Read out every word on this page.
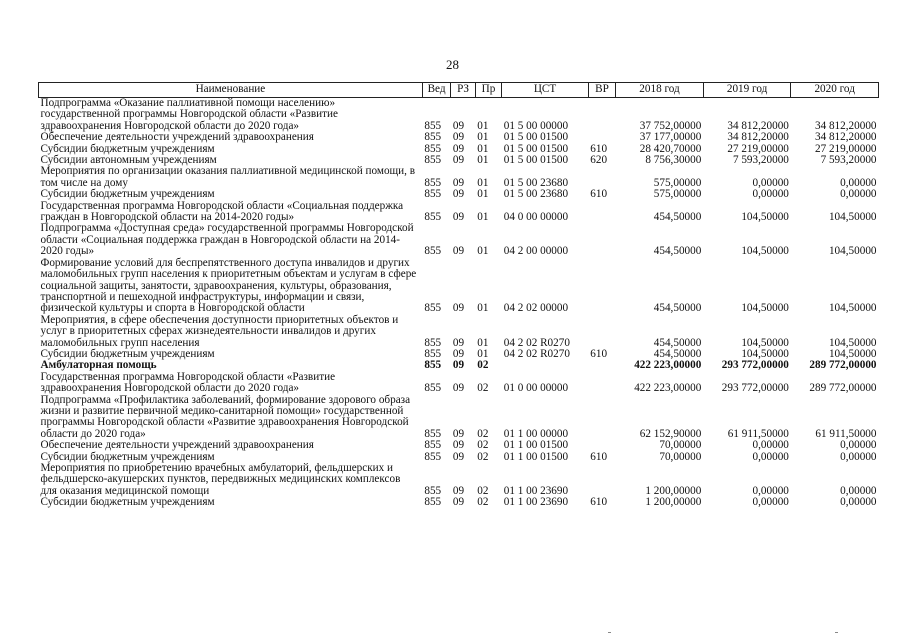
28
Наименование	Вед	РЗ	Пр	ЦСТ	ВР	2018 год	2019 год	2020 год
Подпрограмма «Оказание паллиативной помощи населению» государственной программы Новгородской области «Развитие здравоохранения Новгородской области до 2020 года»	855	09	01	01 5 00 00000		37 752,00000	34 812,20000	34 812,20000
Обеспечение деятельности учреждений здравоохранения	855	09	01	01 5 00 01500		37 177,00000	34 812,20000	34 812,20000
Субсидии бюджетным учреждениям	855	09	01	01 5 00 01500	610	28 420,70000	27 219,00000	27 219,00000
Субсидии автономным учреждениям	855	09	01	01 5 00 01500	620	8 756,30000	7 593,20000	7 593,20000
Мероприятия по организации оказания паллиативной медицинской помощи, в том числе на дому	855	09	01	01 5 00 23680		575,00000	0,00000	0,00000
Субсидии бюджетным учреждениям	855	09	01	01 5 00 23680	610	575,00000	0,00000	0,00000
Государственная программа Новгородской области «Социальная поддержка граждан в Новгородской области на 2014-2020 годы»	855	09	01	04 0 00 00000		454,50000	104,50000	104,50000
Подпрограмма «Доступная среда» государственной программы Новгородской области «Социальная поддержка граждан в Новгородской области на 2014-2020 годы»	855	09	01	04 2 00 00000		454,50000	104,50000	104,50000
Формирование условий для беспрепятственного доступа инвалидов и других маломобильных групп населения к приоритетным объектам и услугам в сфере социальной защиты, занятости, здравоохранения, культуры, образования, транспортной и пешеходной инфраструктуры, информации и связи, физической культуры и спорта в Новгородской области	855	09	01	04 2 02 00000		454,50000	104,50000	104,50000
Мероприятия, в сфере обеспечения доступности приоритетных объектов и услуг в приоритетных сферах жизнедеятельности инвалидов и других маломобильных групп населения	855	09	01	04 2 02 R0270		454,50000	104,50000	104,50000
Субсидии бюджетным учреждениям	855	09	01	04 2 02 R0270	610	454,50000	104,50000	104,50000
Амбулаторная помощь	855	09	02			422 223,00000	293 772,00000	289 772,00000
Государственная программа Новгородской области «Развитие здравоохранения Новгородской области до 2020 года»	855	09	02	01 0 00 00000		422 223,00000	293 772,00000	289 772,00000
Подпрограмма «Профилактика заболеваний, формирование здорового образа жизни и развитие первичной медико-санитарной помощи» государственной программы Новгородской области «Развитие здравоохранения Новгородской области до 2020 года»	855	09	02	01 1 00 00000		62 152,90000	61 911,50000	61 911,50000
Обеспечение деятельности учреждений здравоохранения	855	09	02	01 1 00 01500		70,00000	0,00000	0,00000
Субсидии бюджетным учреждениям	855	09	02	01 1 00 01500	610	70,00000	0,00000	0,00000
Мероприятия по приобретению врачебных амбулаторий, фельдшерских и фельдшерско-акушерских пунктов, передвижных медицинских комплексов для оказания медицинской помощи	855	09	02	01 1 00 23690		1 200,00000	0,00000	0,00000
Субсидии бюджетным учреждениям	855	09	02	01 1 00 23690	610	1 200,00000	0,00000	0,00000
